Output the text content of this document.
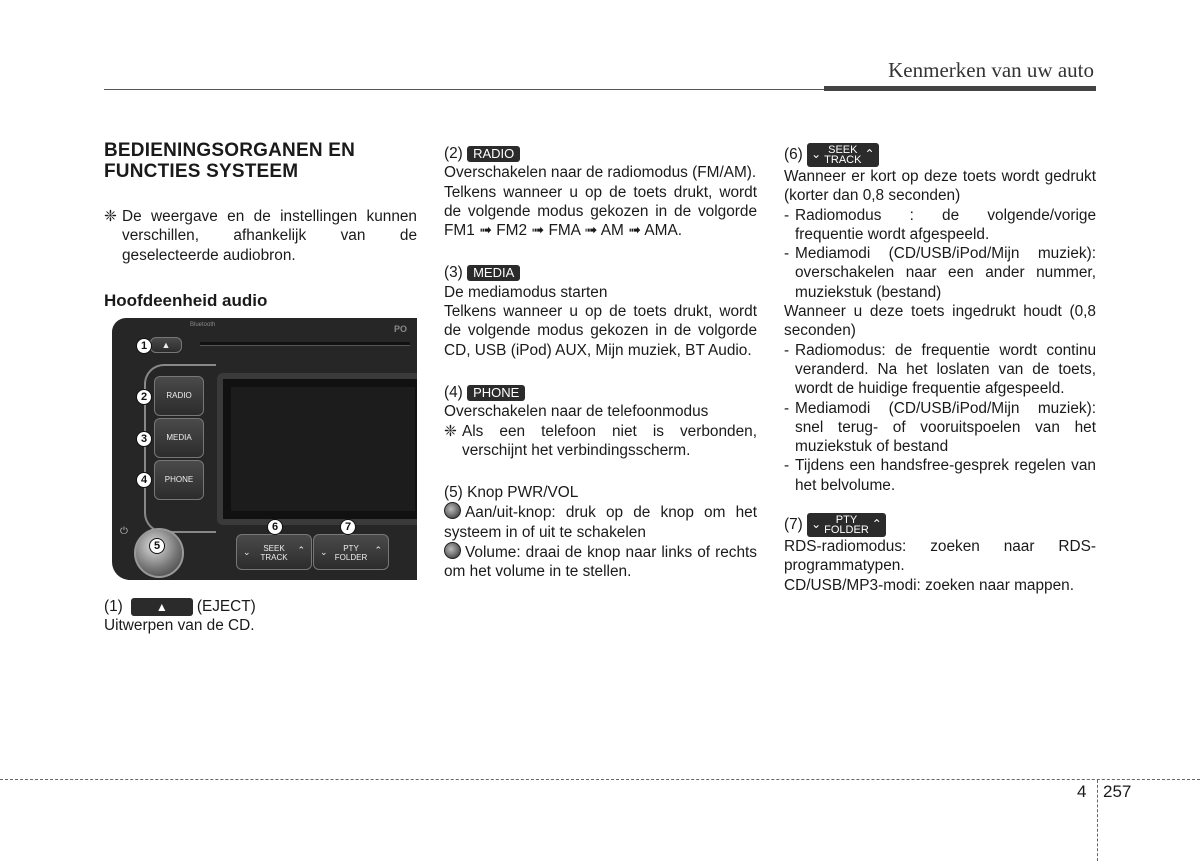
Kenmerken van uw auto
BEDIENINGSORGANEN EN
FUNCTIES SYSTEEM
❈ De weergave en de instellingen kunnen verschillen, afhankelijk van de geselecteerde audiobron.
Hoofdeenheid audio
Bluetooth	PO
▲
RADIO
MEDIA
PHONE
⏻
⌄	SEEK
TRACK
⌃ ⌄	PTY
FOLDER
⌃
1
2
3
4
5
6	7

(1)	▲ (EJECT)

Uitwerpen van de CD.

(2) RADIO

Overschakelen naar de radiomodus (FM/AM).

Telkens wanneer u op de toets drukt, wordt de volgende modus gekozen in de volgorde FM1 ➟ FM2 ➟ FMA ➟ AM ➟ AMA.

(3) MEDIA

De mediamodus starten

Telkens wanneer u op de toets drukt, wordt de volgende modus gekozen in de volgorde CD, USB (iPod) AUX, Mijn muziek, BT Audio.

(4) PHONE

Overschakelen naar de telefoonmodus

❈ Als een telefoon niet is verbonden, verschijnt het verbindingsscherm.

(5) Knop PWR/VOL

Aan/uit-knop: druk op de knop om het systeem in of uit te schakelen

Volume: draai de knop naar links of rechts om het volume in te stellen.

(6) ⌄ SEEK
TRACK ⌃

Wanneer er kort op deze toets wordt gedrukt (korter dan 0,8 seconden)

- Radiomodus : de volgende/vorige frequentie wordt afgespeeld.
- Mediamodi (CD/USB/iPod/Mijn muziek): overschakelen naar een ander nummer, muziekstuk (bestand)

Wanneer u deze toets ingedrukt houdt (0,8 seconden)

- Radiomodus: de frequentie wordt continu veranderd. Na het loslaten van de toets, wordt de huidige frequentie afgespeeld.
- Mediamodi (CD/USB/iPod/Mijn muziek): snel terug- of vooruitspoelen van het muziekstuk of bestand
- Tijdens een handsfree-gesprek regelen van het belvolume.

(7) ⌄	PTY
FOLDER ⌃

RDS-radiomodus: zoeken naar RDS-programmatypen.

CD/USB/MP3-modi: zoeken naar mappen.

4 257
